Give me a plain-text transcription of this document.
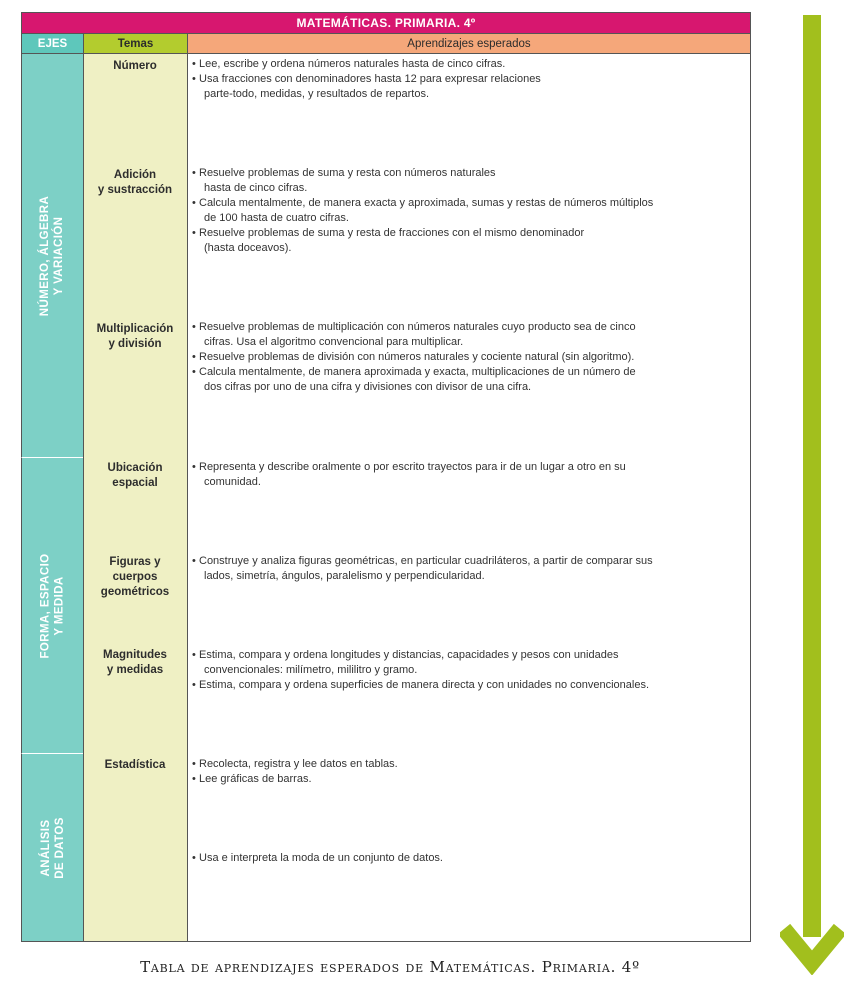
MATEMÁTICAS. PRIMARIA. 4º
EJES	Temas	Aprendizajes esperados
NÚMERO, ÁLGEBRA Y VARIACIÓN
FORMA, ESPACIO Y MEDIDA
ANÁLISIS DE DATOS
Número
Adición
y sustracción
Multiplicación
y división
Ubicación
espacial
Figuras y
cuerpos
geométricos
Magnitudes
y medidas
Estadística
• Lee, escribe y ordena números naturales hasta de cinco cifras.
• Usa fracciones con denominadores hasta 12 para expresar relaciones
parte-todo, medidas, y resultados de repartos.
• Resuelve problemas de suma y resta con números naturales
hasta de cinco cifras.
• Calcula mentalmente, de manera exacta y aproximada, sumas y restas de números múltiplos
de 100 hasta de cuatro cifras.
• Resuelve problemas de suma y resta de fracciones con el mismo denominador
(hasta doceavos).
• Resuelve problemas de multiplicación con números naturales cuyo producto sea de cinco
cifras. Usa el algoritmo convencional para multiplicar.
• Resuelve problemas de división con números naturales y cociente natural (sin algoritmo).
• Calcula mentalmente, de manera aproximada y exacta, multiplicaciones de un número de
dos cifras por uno de una cifra y divisiones con divisor de una cifra.
• Representa y describe oralmente o por escrito trayectos para ir de un lugar a otro en su
comunidad.
• Construye y analiza figuras geométricas, en particular cuadriláteros, a partir de comparar sus
lados, simetría, ángulos, paralelismo y perpendicularidad.
• Estima, compara y ordena longitudes y distancias, capacidades y pesos con unidades
convencionales: milímetro, mililitro y gramo.
• Estima, compara y ordena superficies de manera directa y con unidades no convencionales.
• Recolecta, registra y lee datos en tablas.
• Lee gráficas de barras.
• Usa e interpreta la moda de un conjunto de datos.
Tabla de aprendizajes esperados de Matemáticas. Primaria. 4º
